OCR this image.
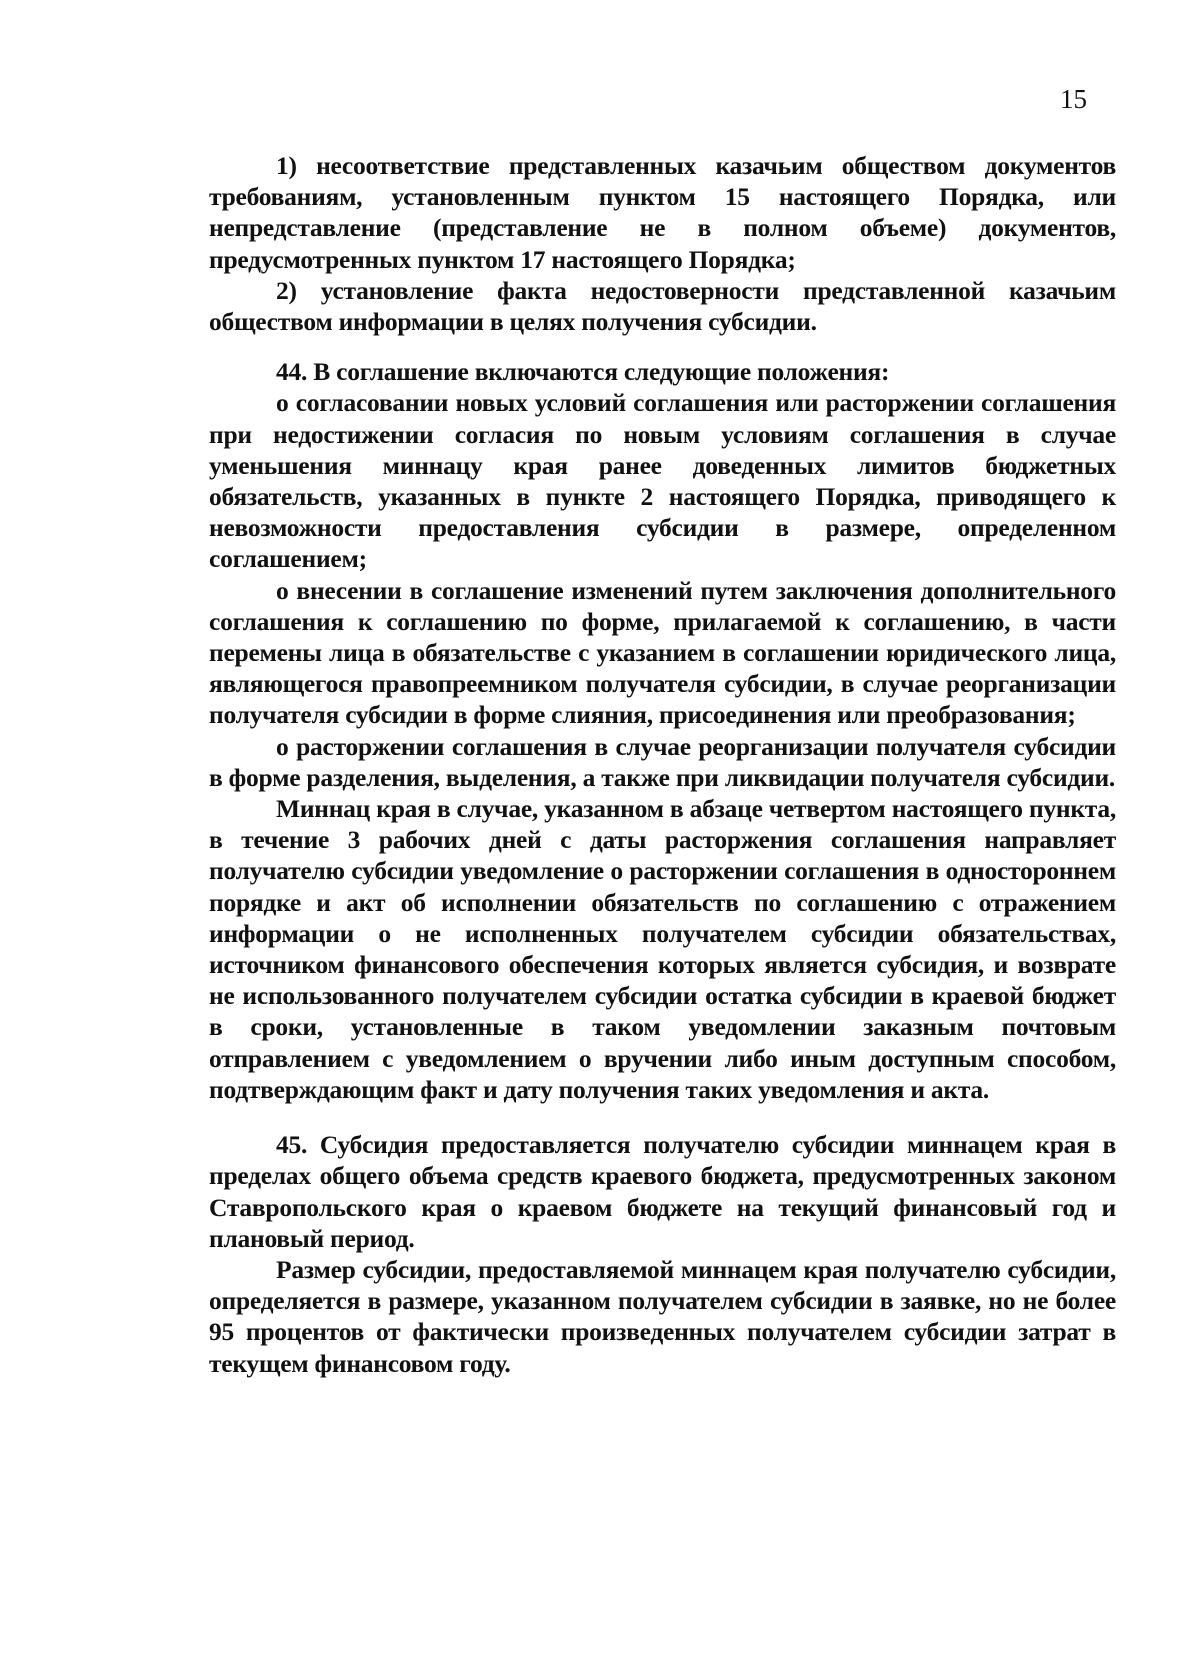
15

1) несоответствие представленных казачьим обществом документов требованиям, установленным пунктом 15 настоящего Порядка, или непредставление (представление не в полном объеме) документов, предусмотренных пунктом 17 настоящего Порядка;

2) установление факта недостоверности представленной казачьим обществом информации в целях получения субсидии.

44. В соглашение включаются следующие положения:

о согласовании новых условий соглашения или расторжении соглашения при недостижении согласия по новым условиям соглашения в случае уменьшения миннацу края ранее доведенных лимитов бюджетных обязательств, указанных в пункте 2 настоящего Порядка, приводящего к невозможности предоставления субсидии в размере, определенном соглашением;

о внесении в соглашение изменений путем заключения дополнительного соглашения к соглашению по форме, прилагаемой к соглашению, в части перемены лица в обязательстве с указанием в соглашении юридического лица, являющегося правопреемником получателя субсидии, в случае реорганизации получателя субсидии в форме слияния, присоединения или преобразования;

о расторжении соглашения в случае реорганизации получателя субсидии в форме разделения, выделения, а также при ликвидации получателя субсидии.

Миннац края в случае, указанном в абзаце четвертом настоящего пункта, в течение 3 рабочих дней с даты расторжения соглашения направляет получателю субсидии уведомление о расторжении соглашения в одностороннем порядке и акт об исполнении обязательств по соглашению с отражением информации о не исполненных получателем субсидии обязательствах, источником финансового обеспечения которых является субсидия, и возврате не использованного получателем субсидии остатка субсидии в краевой бюджет в сроки, установленные в таком уведомлении заказным почтовым отправлением с уведомлением о вручении либо иным доступным способом, подтверждающим факт и дату получения таких уведомления и акта.

45. Субсидия предоставляется получателю субсидии миннацем края в пределах общего объема средств краевого бюджета, предусмотренных законом Ставропольского края о краевом бюджете на текущий финансовый год и плановый период.

Размер субсидии, предоставляемой миннацем края получателю субсидии, определяется в размере, указанном получателем субсидии в заявке, но не более 95 процентов от фактически произведенных получателем субсидии затрат в текущем финансовом году.
